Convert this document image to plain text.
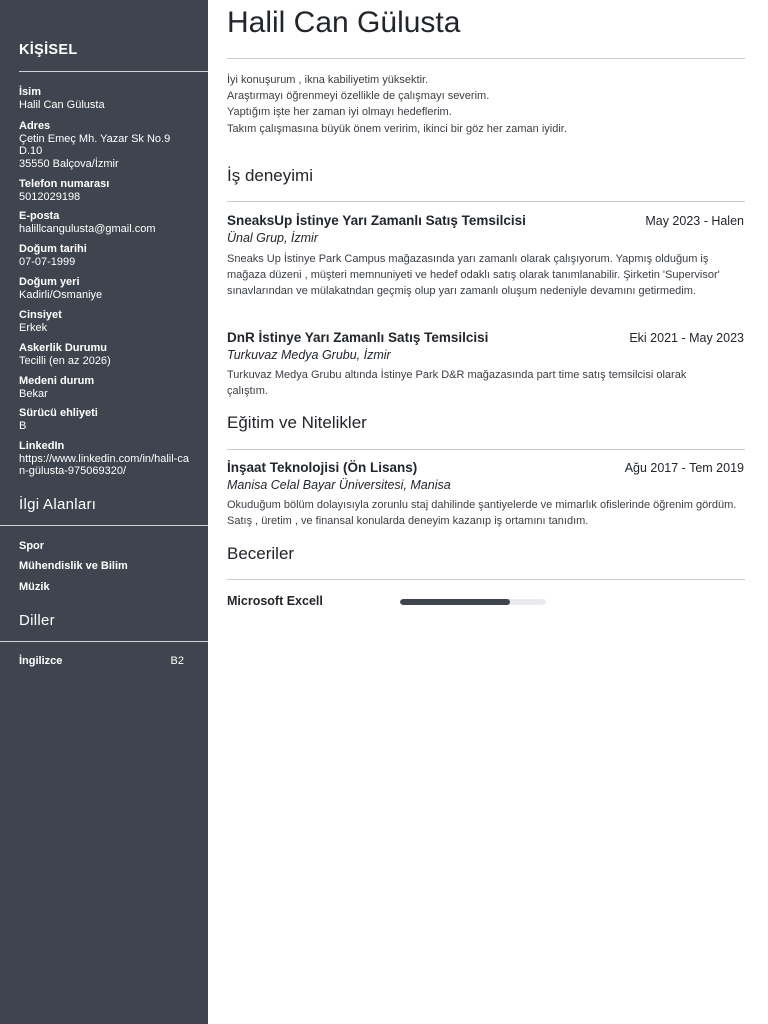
KİŞİSEL
İsim
Halil Can Gülusta
Adres
Çetin Emeç Mh. Yazar Sk No.9
D.10
35550 Balçova/İzmir
Telefon numarası
5012029198
E-posta
halillcangulusta@gmail.com
Doğum tarihi
07-07-1999
Doğum yeri
Kadirli/Osmaniye
Cinsiyet
Erkek
Askerlik Durumu
Tecilli (en az 2026)
Medeni durum
Bekar
Sürücü ehliyeti
B
LinkedIn
https://www.linkedin.com/in/halil-can-gülusta-975069320/
İlgi Alanları
Spor
Mühendislik ve Bilim
Müzik
Diller
İngilizce	B2
Halil Can Gülusta
İyi konuşurum , ikna kabiliyetim yüksektir.
Araştırmayı öğrenmeyi özellikle de çalışmayı severim.
Yaptığım işte her zaman iyi olmayı hedeflerim.
Takım çalışmasına büyük önem veririm, ikinci bir göz her zaman iyidir.
İş deneyimi
SneaksUp İstinye Yarı Zamanlı Satış Temsilcisi	May 2023 - Halen
Ünal Grup, İzmir
Sneaks Up İstinye Park Campus mağazasında yarı zamanlı olarak çalışıyorum. Yapmış olduğum iş mağaza düzeni , müşteri memnuniyeti ve hedef odaklı satış olarak tanımlanabilir. Şirketin 'Supervisor' sınavlarından ve mülakatndan geçmiş olup yarı zamanlı oluşum nedeniyle devamını getirmedim.
DnR İstinye Yarı Zamanlı Satış Temsilcisi	Eki 2021 - May 2023
Turkuvaz Medya Grubu, İzmir
Turkuvaz Medya Grubu altında İstinye Park D&R mağazasında part time satış temsilcisi olarak çalıştım.
Eğitim ve Nitelikler
İnşaat Teknolojisi (Ön Lisans)	Ağu 2017 - Tem 2019
Manisa Celal Bayar Üniversitesi, Manisa
Okuduğum bölüm dolayısıyla zorunlu staj dahilinde şantiyelerde ve mimarlık ofislerinde öğrenim gördüm. Satış , üretim , ve finansal konularda deneyim kazanıp iş ortamını tanıdım.
Beceriler
Microsoft Excell
